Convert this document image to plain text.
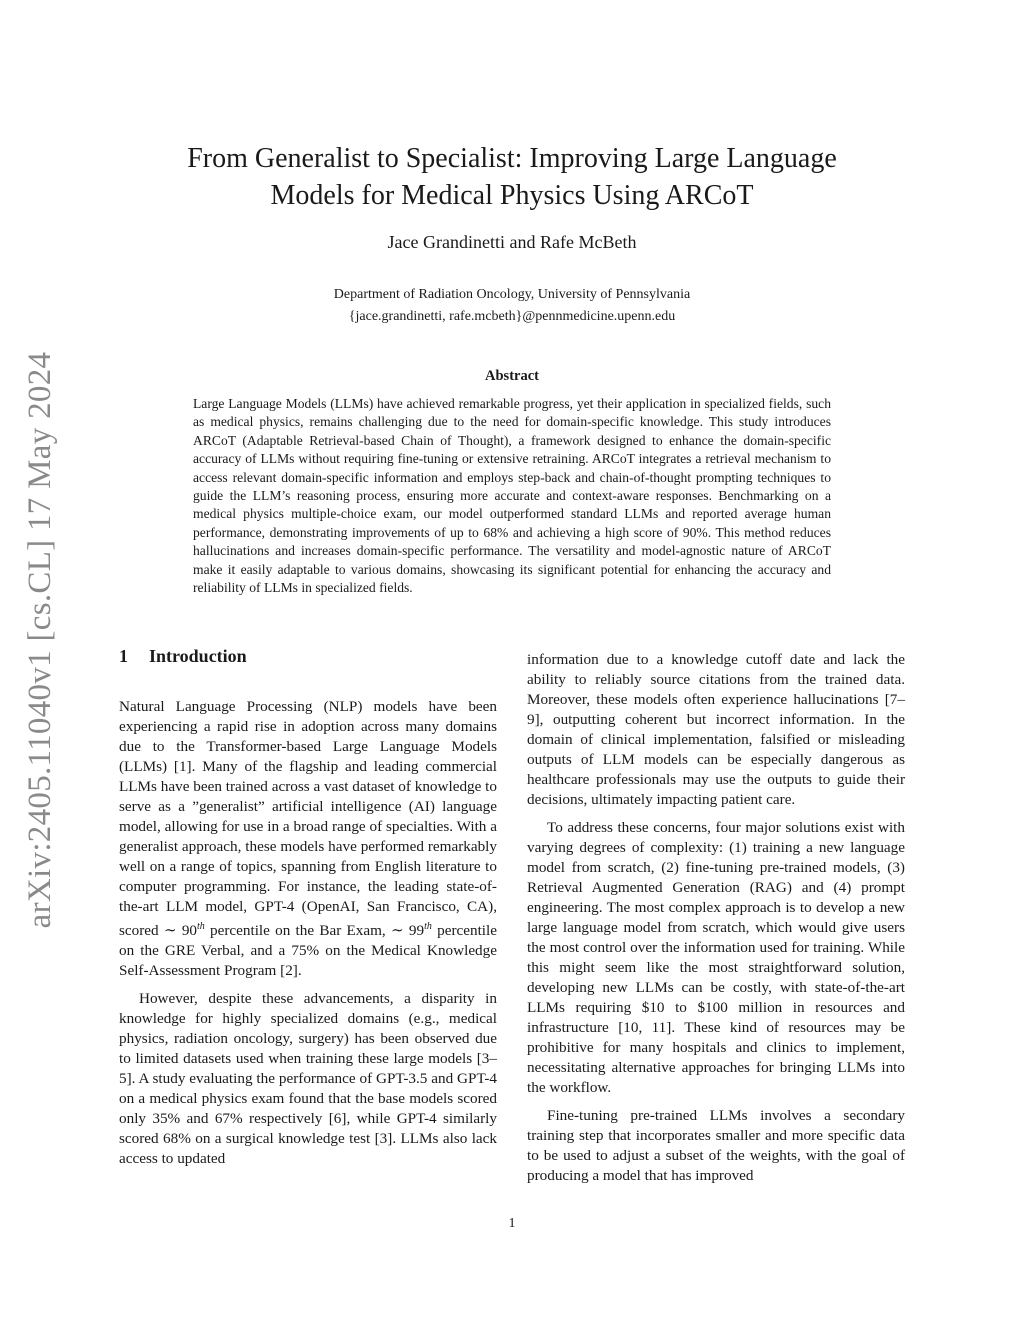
arXiv:2405.11040v1 [cs.CL] 17 May 2024
From Generalist to Specialist: Improving Large Language
Models for Medical Physics Using ARCoT
Jace Grandinetti and Rafe McBeth
Department of Radiation Oncology, University of Pennsylvania
{jace.grandinetti, rafe.mcbeth}@pennmedicine.upenn.edu
Abstract
Large Language Models (LLMs) have achieved remarkable progress, yet their application in specialized fields, such as medical physics, remains challenging due to the need for domain-specific knowledge. This study introduces ARCoT (Adaptable Retrieval-based Chain of Thought), a framework designed to enhance the domain-specific accuracy of LLMs without requiring fine-tuning or extensive retraining. ARCoT integrates a retrieval mechanism to access relevant domain-specific information and employs step-back and chain-of-thought prompting techniques to guide the LLM’s reasoning process, ensuring more accurate and context-aware responses. Benchmarking on a medical physics multiple-choice exam, our model outperformed standard LLMs and reported average human performance, demonstrating improvements of up to 68% and achieving a high score of 90%. This method reduces hallucinations and increases domain-specific performance. The versatility and model-agnostic nature of ARCoT make it easily adaptable to various domains, showcasing its significant potential for enhancing the accuracy and reliability of LLMs in specialized fields.
1 Introduction

Natural Language Processing (NLP) models have been experiencing a rapid rise in adoption across many domains due to the Transformer-based Large Language Models (LLMs) [1]. Many of the flagship and leading commercial LLMs have been trained across a vast dataset of knowledge to serve as a ”generalist” artificial intelligence (AI) language model, allowing for use in a broad range of specialties. With a generalist approach, these models have performed remarkably well on a range of topics, spanning from English literature to computer programming. For instance, the leading state-of-the-art LLM model, GPT-4 (OpenAI, San Francisco, CA), scored ∼ 90th percentile on the Bar Exam, ∼ 99th percentile on the GRE Verbal, and a 75% on the Medical Knowledge Self-Assessment Program [2].

However, despite these advancements, a disparity in knowledge for highly specialized domains (e.g., medical physics, radiation oncology, surgery) has been observed due to limited datasets used when training these large models [3–5]. A study evaluating the performance of GPT-3.5 and GPT-4 on a medical physics exam found that the base models scored only 35% and 67% respectively [6], while GPT-4 similarly scored 68% on a surgical knowledge test [3]. LLMs also lack access to updated

information due to a knowledge cutoff date and lack the ability to reliably source citations from the trained data. Moreover, these models often experience hallucinations [7–9], outputting coherent but incorrect information. In the domain of clinical implementation, falsified or misleading outputs of LLM models can be especially dangerous as healthcare professionals may use the outputs to guide their decisions, ultimately impacting patient care.

To address these concerns, four major solutions exist with varying degrees of complexity: (1) training a new language model from scratch, (2) fine-tuning pre-trained models, (3) Retrieval Augmented Generation (RAG) and (4) prompt engineering. The most complex approach is to develop a new large language model from scratch, which would give users the most control over the information used for training. While this might seem like the most straightforward solution, developing new LLMs can be costly, with state-of-the-art LLMs requiring $10 to $100 million in resources and infrastructure [10, 11]. These kind of resources may be prohibitive for many hospitals and clinics to implement, necessitating alternative approaches for bringing LLMs into the workflow.

Fine-tuning pre-trained LLMs involves a secondary training step that incorporates smaller and more specific data to be used to adjust a subset of the weights, with the goal of producing a model that has improved

1
